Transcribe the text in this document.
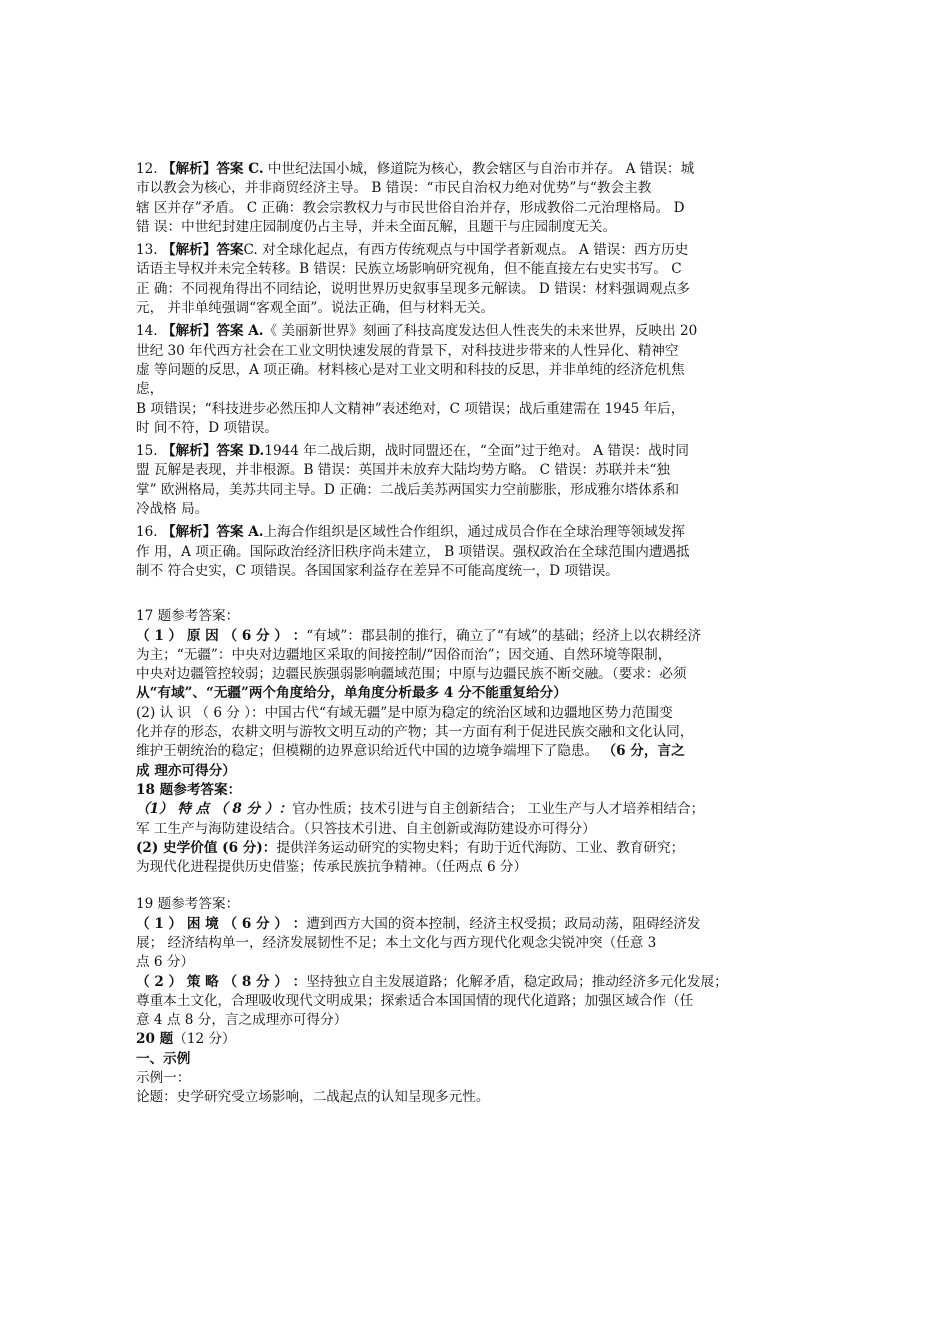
12. 【解析】答案 C. 中世纪法国小城，修道院为核心，教会辖区与自治市并存。 A 错误：城
市以教会为核心，并非商贸经济主导。 B 错误：“市民自治权力绝对优势”与“教会主教
辖 区并存”矛盾。 C 正确：教会宗教权力与市民世俗自治并存，形成教俗二元治理格局。 D
错 误：中世纪封建庄园制度仍占主导，并未全面瓦解，且题干与庄园制度无关。
13. 【解析】答案C. 对全球化起点，有西方传统观点与中国学者新观点。 A 错误：西方历史
话语主导权并未完全转移。B 错误：民族立场影响研究视角，但不能直接左右史实书写。 C
正 确：不同视角得出不同结论，说明世界历史叙事呈现多元解读。 D 错误：材料强调观点多
元， 并非单纯强调“客观全面”。说法正确，但与材料无关。
14. 【解析】答案 A.《 美丽新世界》刻画了科技高度发达但人性丧失的未来世界，反映出 20
世纪 30 年代西方社会在工业文明快速发展的背景下，对科技进步带来的人性异化、精神空
虚 等问题的反思，A 项正确。材料核心是对工业文明和科技的反思，并非单纯的经济危机焦
虑，
B 项错误；“科技进步必然压抑人文精神”表述绝对，C 项错误；战后重建需在 1945 年后，
时 间不符，D 项错误。
15. 【解析】答案 D.1944 年二战后期，战时同盟还在，“全面”过于绝对。 A 错误：战时同
盟 瓦解是表现，并非根源。B 错误：英国并未放弃大陆均势方略。 C 错误：苏联并未“独
掌” 欧洲格局，美苏共同主导。D 正确：二战后美苏两国实力空前膨胀，形成雅尔塔体系和
冷战格 局。
16. 【解析】答案 A.上海合作组织是区域性合作组织，通过成员合作在全球治理等领域发挥
作 用，A 项正确。国际政治经济旧秩序尚未建立， B 项错误。强权政治在全球范围内遭遇抵
制不 符合史实，C 项错误。各国国家利益存在差异不可能高度统一，D 项错误。
17 题参考答案：
（ 1 ） 原 因 （ 6 分 ） ：“有域”：郡县制的推行，确立了“有域”的基础；经济上以农耕经济
为主；“无疆”：中央对边疆地区采取的间接控制/“因俗而治”；因交通、自然环境等限制，
中央对边疆管控较弱；边疆民族强弱影响疆域范围；中原与边疆民族不断交融。（要求：必须
从“有域”、“无疆”两个角度给分，单角度分析最多 4 分不能重复给分）
(2) 认 识 （ 6 分 ）：中国古代“有域无疆”是中原为稳定的统治区域和边疆地区势力范围变
化并存的形态，农耕文明与游牧文明互动的产物；其一方面有利于促进民族交融和文化认同，
维护王朝统治的稳定；但模糊的边界意识给近代中国的边境争端埋下了隐患。 （6 分，言之
成 理亦可得分）
18 题参考答案：
（1） 特 点 （ 8 分 ）：官办性质；技术引进与自主创新结合； 工业生产与人才培养相结合；
军 工生产与海防建设结合。（只答技术引进、自主创新或海防建设亦可得分）
(2) 史学价值 (6 分)：提供洋务运动研究的实物史料；有助于近代海防、工业、教育研究；
为现代化进程提供历史借鉴；传承民族抗争精神。（任两点 6 分）
19 题参考答案：
（ 1 ） 困 境 （ 6 分 ） ：遭到西方大国的资本控制，经济主权受损；政局动荡，阻碍经济发
展； 经济结构单一，经济发展韧性不足；本土文化与西方现代化观念尖锐冲突（任意 3
点 6 分）
（ 2 ） 策 略 （ 8 分 ） ：坚持独立自主发展道路；化解矛盾，稳定政局；推动经济多元化发展；
尊重本土文化，合理吸收现代文明成果；探索适合本国国情的现代化道路；加强区域合作（任
意 4 点 8 分，言之成理亦可得分）
20 题（12 分）
一、示例
示例一：
论题：史学研究受立场影响，二战起点的认知呈现多元性。
